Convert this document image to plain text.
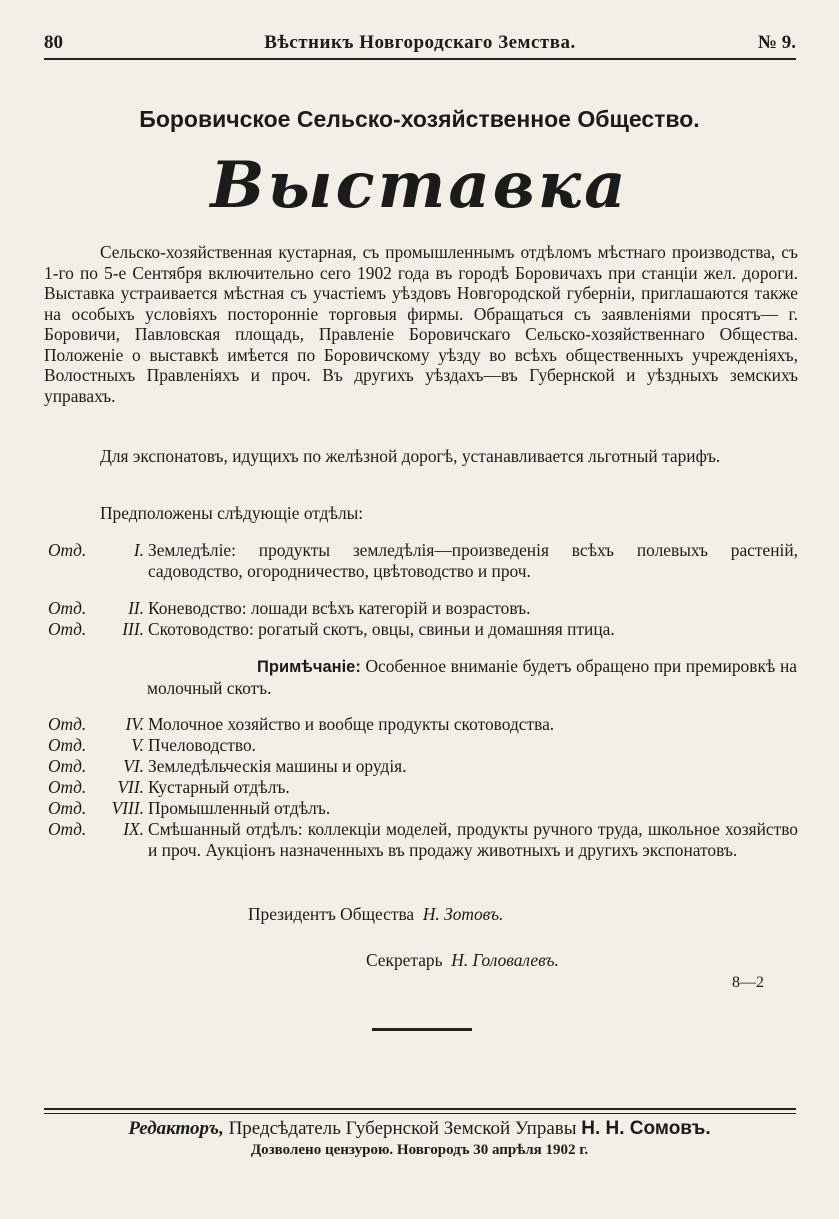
80	Вѣстникъ Новгородскаго Земства.	№ 9.
Боровичское Сельско-хозяйственное Общество.
Выставка
Сельско-хозяйственная кустарная, съ промышленнымъ отдѣломъ мѣстнаго производства, съ 1-го по 5-е Сентября включительно сего 1902 года въ городѣ Боровичахъ при станціи жел. дороги. Выставка устраивается мѣстная съ участіемъ уѣздовъ Новгородской губерніи, приглашаются также на особыхъ условіяхъ посторонніе торговыя фирмы. Обращаться съ заявленіями просятъ— г. Боровичи, Павловская площадь, Правленіе Боровичскаго Сельско-хозяйственнаго Общества. Положеніе о выставкѣ имѣется по Боровичскому уѣзду во всѣхъ общественныхъ учрежденіяхъ, Волостныхъ Правленіяхъ и проч. Въ другихъ уѣздахъ—въ Губернской и уѣздныхъ земскихъ управахъ.
Для экспонатовъ, идущихъ по желѣзной дорогѣ, устанавливается льготный тарифъ.
Предположены слѣдующіе отдѣлы:
Отд.	I. Земледѣліе: продукты земледѣлія—произведенія всѣхъ полевыхъ растеній, садоводство, огородничество, цвѣтоводство и проч.
Отд. II. Коневодство: лошади всѣхъ категорій и возрастовъ.
Отд. III. Скотоводство: рогатый скотъ, овцы, свиньи и домашняя птица.
Примѣчаніе: Особенное вниманіе будетъ обращено при премировкѣ на молочный скотъ.
Отд. IV. Молочное хозяйство и вообще продукты скотоводства.
Отд.	V. Пчеловодство.
Отд. VI. Земледѣльческія машины и орудія.
Отд. VII. Кустарный отдѣлъ.
Отд. VIII. Промышленный отдѣлъ.
Отд. IX. Смѣшанный отдѣлъ: коллекціи моделей, продукты ручного труда, школьное хозяйство и проч. Аукціонъ назначенныхъ въ продажу животныхъ и другихъ экспонатовъ.
Президентъ Общества Н. Зотовъ.
Секретарь Н. Головалевъ.
8—2
Редакторъ, Предсѣдатель Губернской Земской Управы Н. Н. Сомовъ.
Дозволено цензурою. Новгородъ 30 апрѣля 1902 г.
